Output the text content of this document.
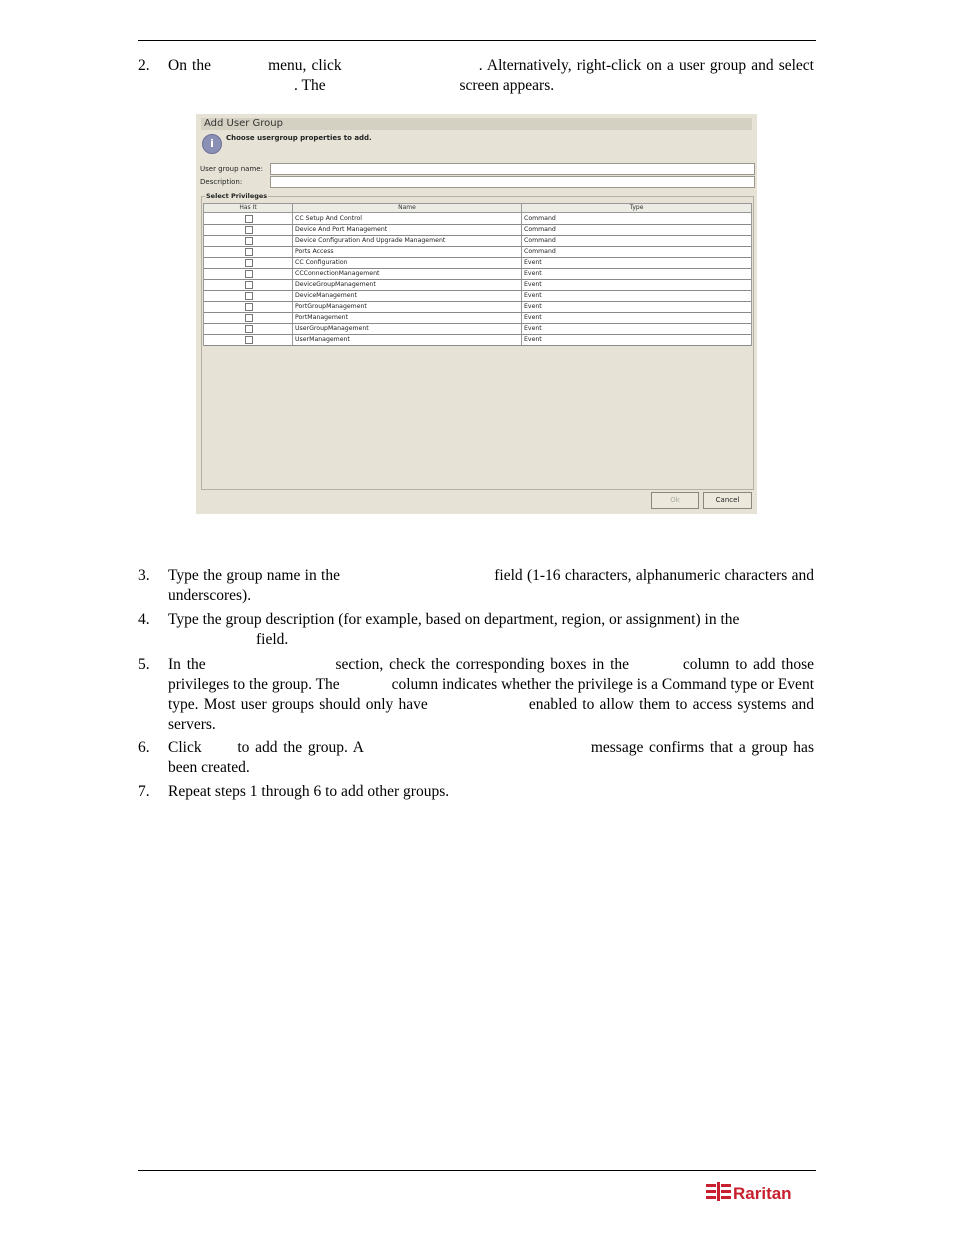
2.	On the	menu, click	. Alternatively, right-click on a user group and select . The	screen appears.
Add User Group
i	Choose usergroup properties to add.
User group name:
Description:
Select Privileges
Has It	Name	Type
CC Setup And Control	Command
Device And Port Management	Command
Device Configuration And Upgrade Management	Command
Ports Access	Command
CC Configuration	Event
CCConnectionManagement	Event
DeviceGroupManagement	Event
DeviceManagement	Event
PortGroupManagement	Event
PortManagement	Event
UserGroupManagement	Event
UserManagement	Event
Ok	Cancel
3.	Type the group name in the	field (1-16 characters, alphanumeric characters and underscores).
4.	Type the group description (for example, based on department, region, or assignment) in the
field.
5.	In the	section, check the corresponding boxes in the	column to add those privileges to the group. The	column indicates whether the privilege is a Command type or Event type. Most user groups should only have	enabled to allow them to access systems and servers.
6.	Click to add the group. A	message confirms that a group has been created.
7.	Repeat steps 1 through 6 to add other groups.
Raritan
